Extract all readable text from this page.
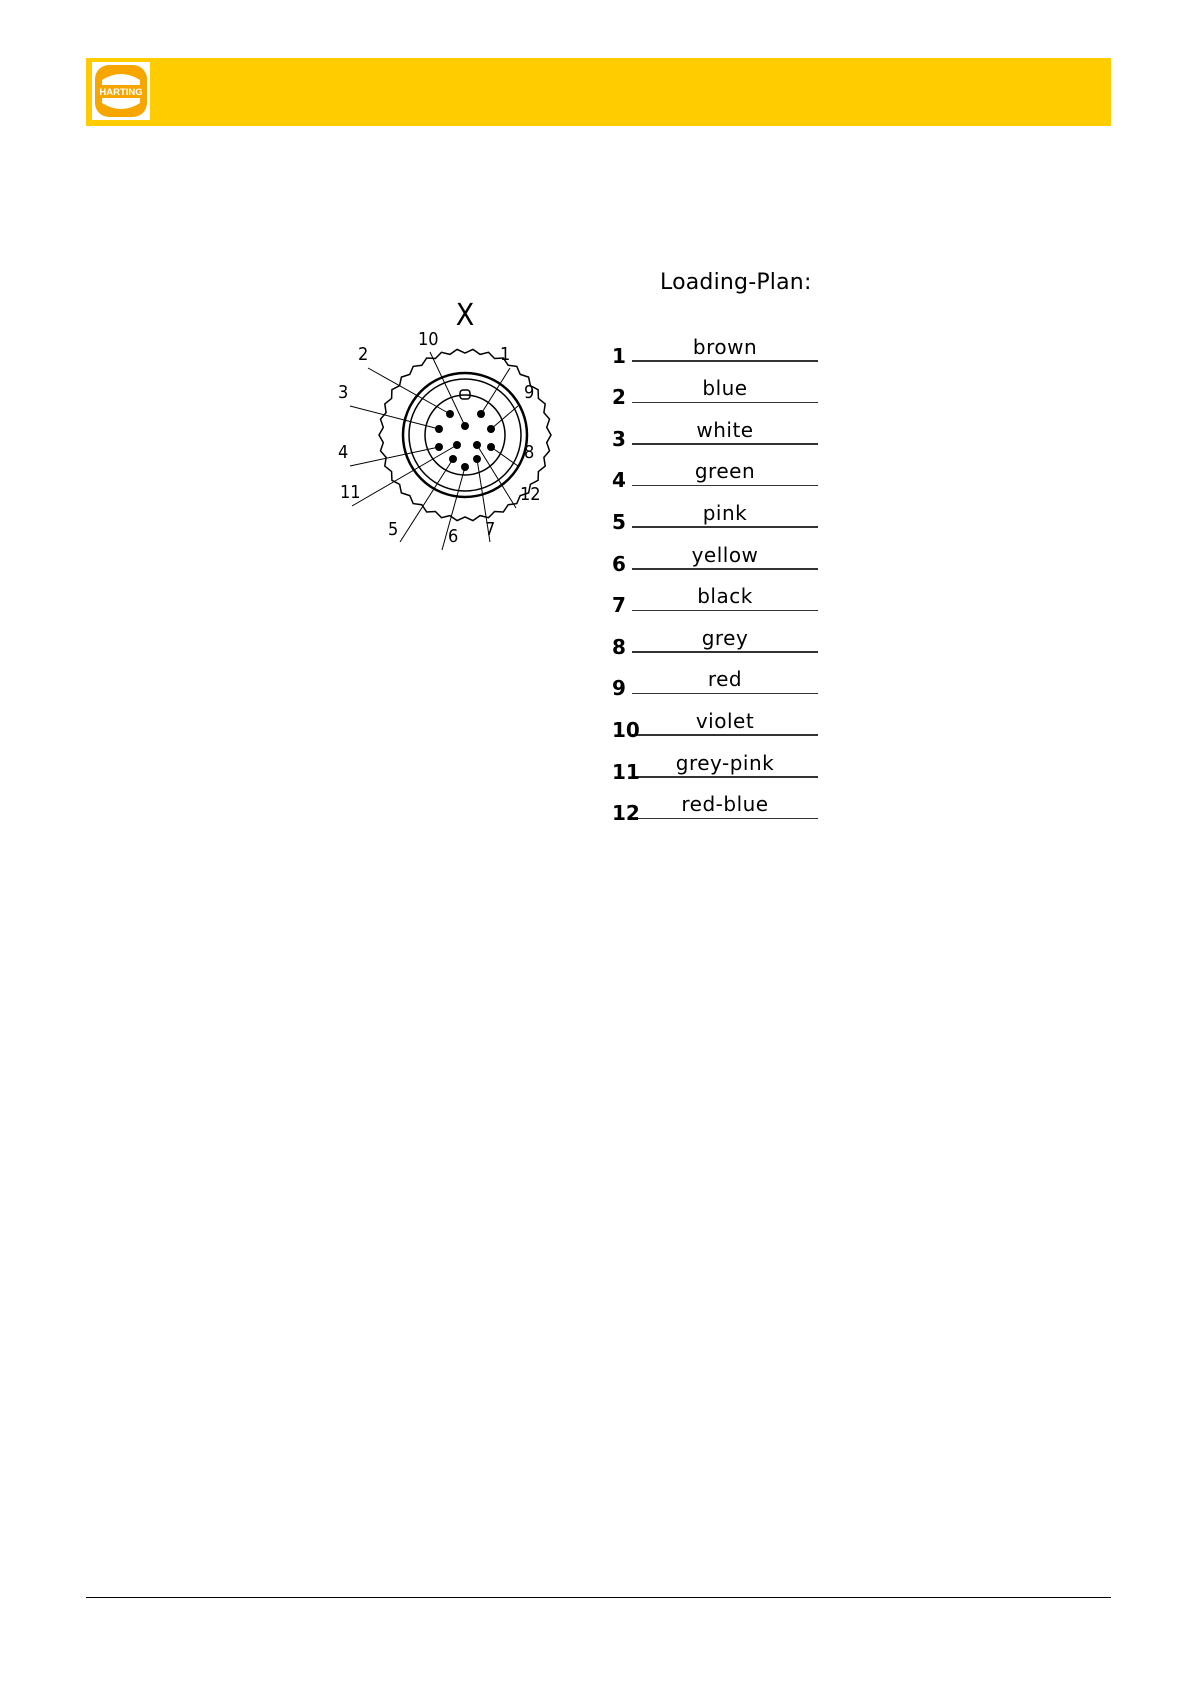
HARTING
X
1
2
3
4
5	6 7
8
9
10
11	12
Loading-Plan:
1	brown
2	blue
3	white
4	green
5	pink
6	yellow
7	black
8	grey
9	red
10	violet
11	grey-pink
12	red-blue
